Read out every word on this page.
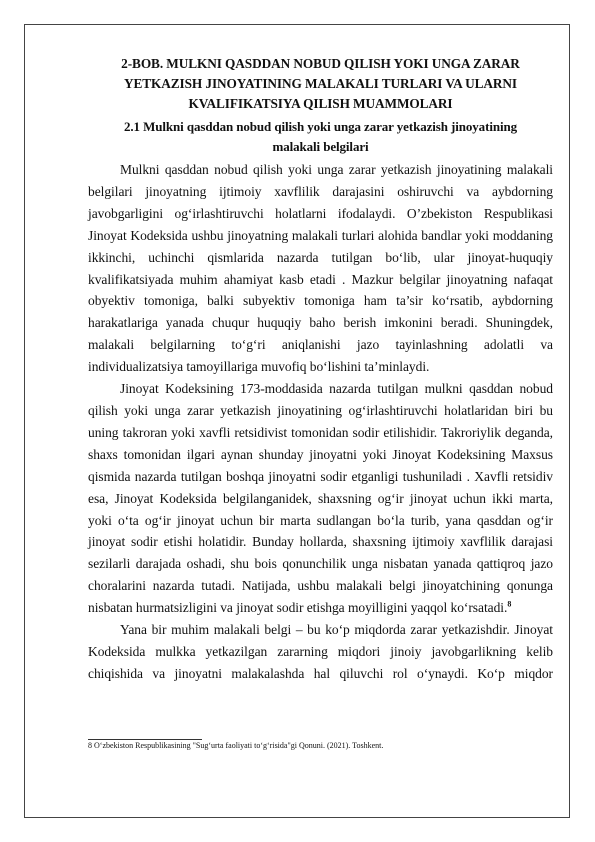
2-BOB. MULKNI QASDDAN NOBUD QILISH YOKI UNGA ZARAR
YETKAZISH JINOYATINING MALAKALI TURLARI VA ULARNI
KVALIFIKATSIYA QILISH MUAMMOLARI
2.1 Mulkni qasddan nobud qilish yoki unga zarar yetkazish jinoyatining
malakali belgilari

Mulkni qasddan nobud qilish yoki unga zarar yetkazish jinoyatining malakali belgilari jinoyatning ijtimoiy xavflilik darajasini oshiruvchi va aybdorning javobgarligini og‘irlashtiruvchi holatlarni ifodalaydi. O’zbekiston Respublikasi Jinoyat Kodeksida ushbu jinoyatning malakali turlari alohida bandlar yoki moddaning ikkinchi, uchinchi qismlarida nazarda tutilgan bo‘lib, ular jinoyat-huquqiy kvalifikatsiyada muhim ahamiyat kasb etadi . Mazkur belgilar jinoyatning nafaqat obyektiv tomoniga, balki subyektiv tomoniga ham ta’sir ko‘rsatib, aybdorning harakatlariga yanada chuqur huquqiy baho berish imkonini beradi. Shuningdek, malakali belgilarning to‘g‘ri aniqlanishi jazo tayinlashning adolatli va individualizatsiya tamoyillariga muvofiq bo‘lishini ta’minlaydi.

Jinoyat Kodeksining 173-moddasida nazarda tutilgan mulkni qasddan nobud qilish yoki unga zarar yetkazish jinoyatining og‘irlashtiruvchi holatlaridan biri bu uning takroran yoki xavfli retsidivist tomonidan sodir etilishidir. Takroriylik deganda, shaxs tomonidan ilgari aynan shunday jinoyatni yoki Jinoyat Kodeksining Maxsus qismida nazarda tutilgan boshqa jinoyatni sodir etganligi tushuniladi . Xavfli retsidiv esa, Jinoyat Kodeksida belgilanganidek, shaxsning og‘ir jinoyat uchun ikki marta, yoki o‘ta og‘ir jinoyat uchun bir marta sudlangan bo‘la turib, yana qasddan og‘ir jinoyat sodir etishi holatidir. Bunday hollarda, shaxsning ijtimoiy xavflilik darajasi sezilarli darajada oshadi, shu bois qonunchilik unga nisbatan yanada qattiqroq jazo choralarini nazarda tutadi. Natijada, ushbu malakali belgi jinoyatchining qonunga nisbatan hurmatsizligini va jinoyat sodir etishga moyilligini yaqqol ko‘rsatadi.$^8$

Yana bir muhim malakali belgi – bu ko‘p miqdorda zarar yetkazishdir. Jinoyat Kodeksida mulkka yetkazilgan zararning miqdori jinoiy javobgarlikning kelib chiqishida va jinoyatni malakalashda hal qiluvchi rol o‘ynaydi. Ko‘p miqdor

8 O‘zbekiston Respublikasining "Sug‘urta faoliyati to‘g‘risida"gi Qonuni. (2021). Toshkent.
